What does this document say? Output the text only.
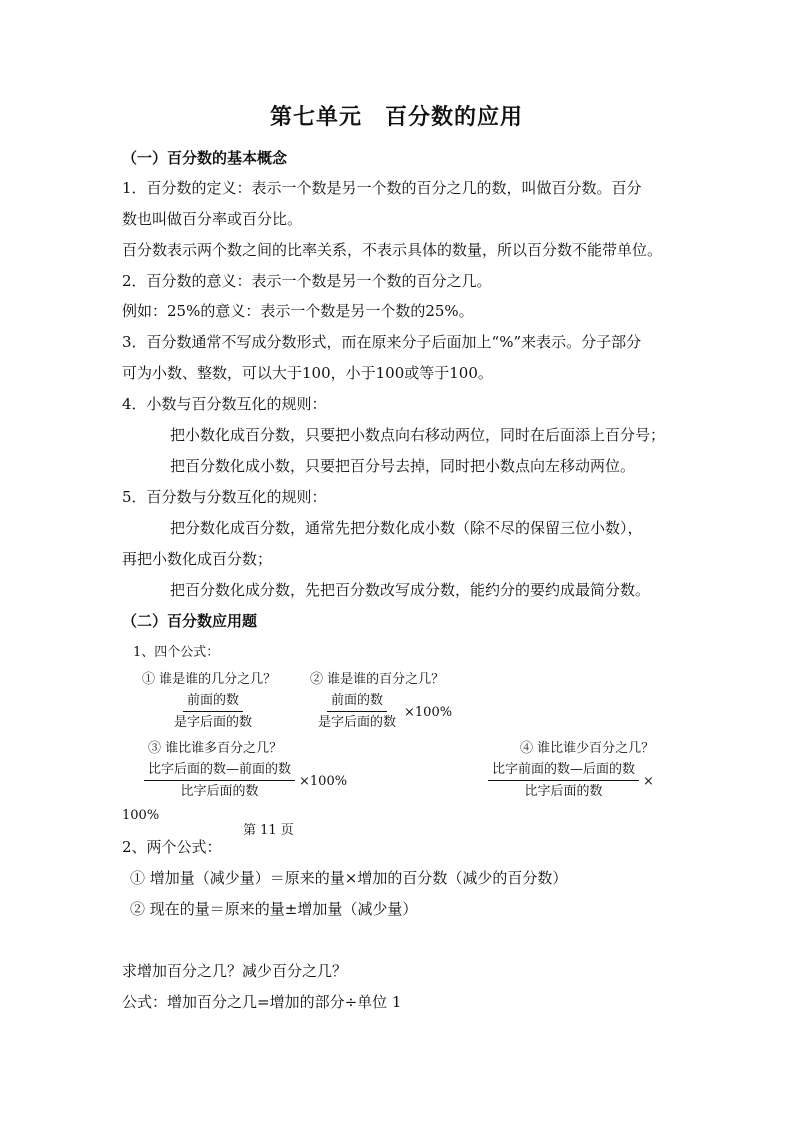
第七单元　百分数的应用
（一）百分数的基本概念
1．百分数的定义：表示一个数是另一个数的百分之几的数，叫做百分数。百分
数也叫做百分率或百分比。
百分数表示两个数之间的比率关系，不表示具体的数量，所以百分数不能带单位。
2．百分数的意义：表示一个数是另一个数的百分之几。
例如：25%的意义：表示一个数是另一个数的25%。
3．百分数通常不写成分数形式，而在原来分子后面加上“%”来表示。分子部分
可为小数、整数，可以大于100，小于100或等于100。
4．小数与百分数互化的规则：
把小数化成百分数，只要把小数点向右移动两位，同时在后面添上百分号；
把百分数化成小数，只要把百分号去掉，同时把小数点向左移动两位。
5．百分数与分数互化的规则：
把分数化成百分数，通常先把分数化成小数（除不尽的保留三位小数），
再把小数化成百分数；
把百分数化成分数，先把百分数改写成分数，能约分的要约成最简分数。
（二）百分数应用题
1、四个公式：
① 谁是谁的几分之几？	② 谁是谁的百分之几？
$\frac{\text{前面的数}}{\text{是字后面的数}}$	$\frac{\text{前面的数}}{\text{是字后面的数}} \times 100\%$
③ 谁比谁多百分之几？	④ 谁比谁少百分之几？
$\frac{\text{比字后面的数—前面的数}}{\text{比字后面的数}} \times 100\%$	$\frac{\text{比字前面的数—后面的数}}{\text{比字后面的数}}$ ×
100%
第 11 页
2、两个公式：
① 增加量（减少量）＝原来的量×增加的百分数（减少的百分数）
② 现在的量＝原来的量±增加量（减少量）
求增加百分之几？减少百分之几？
公式：增加百分之几=增加的部分÷单位 1
